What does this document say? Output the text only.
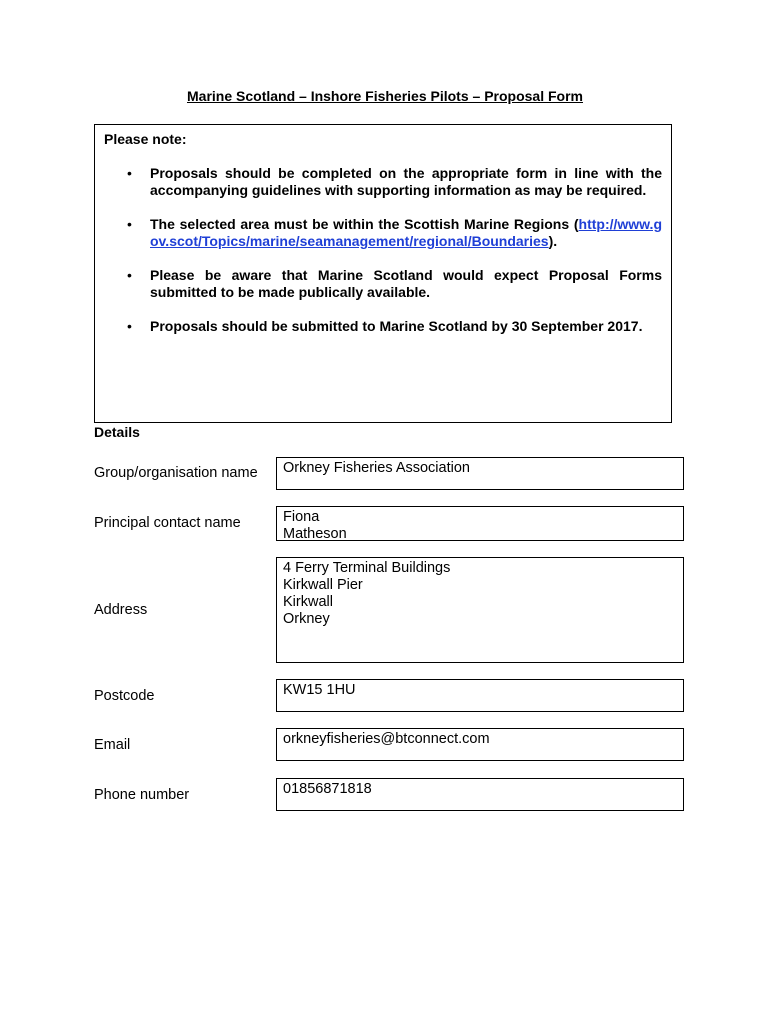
Marine Scotland – Inshore Fisheries Pilots – Proposal Form
Please note:
• Proposals should be completed on the appropriate form in line with the accompanying guidelines with supporting information as may be required.
• The selected area must be within the Scottish Marine Regions (http://www.gov.scot/Topics/marine/seamanagement/regional/Boundaries).
• Please be aware that Marine Scotland would expect Proposal Forms submitted to be made publically available.
• Proposals should be submitted to Marine Scotland by 30 September 2017.
Details
Group/organisation name	Orkney Fisheries Association
Principal contact name	Fiona
Matheson
Address
4 Ferry Terminal Buildings
Kirkwall Pier
Kirkwall
Orkney
Postcode	KW15 1HU
Email	orkneyfisheries@btconnect.com
Phone number	01856871818
